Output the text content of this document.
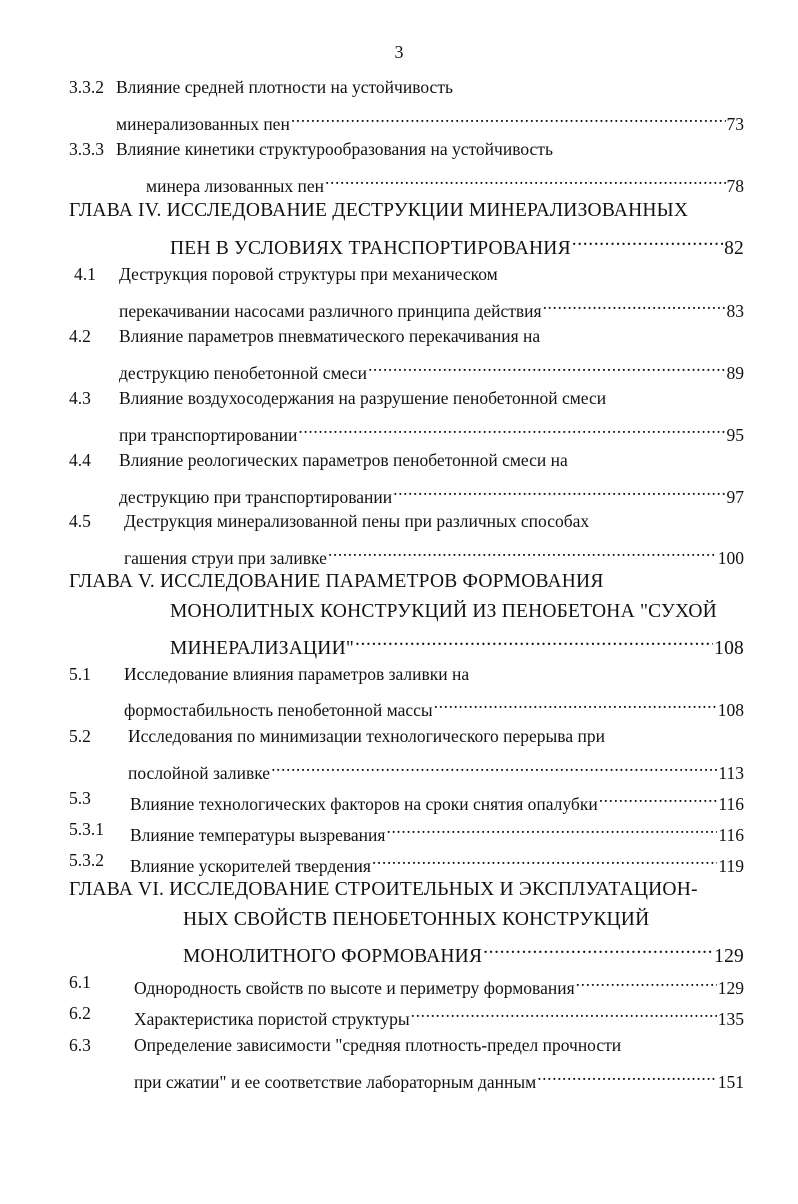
3
3.3.2 Влияние средней плотности на устойчивость
минерализованных пен .....	73
3.3.3 Влияние кинетики структурообразования на устойчивость
минера лизованных пен .....	78
ГЛАВА IV. ИССЛЕДОВАНИЕ ДЕСТРУКЦИИ МИНЕРАЛИЗОВАННЫХ
ПЕН В УСЛОВИЯХ ТРАНСПОРТИРОВАНИЯ .....	82
4.1 Деструкция поровой структуры при механическом
перекачивании насосами различного принципа действия .....	83
4.2 Влияние параметров пневматического перекачивания на
деструкцию пенобетонной смеси .....	89
4.3 Влияние воздухосодержания на разрушение пенобетонной смеси
при транспортировании .....	95
4.4 Влияние реологических параметров пенобетонной смеси на
деструкцию при транспортировании .....	97
4.5 Деструкция минерализованной пены при различных способах
гашения струи при заливке .....	100
ГЛАВА V. ИССЛЕДОВАНИЕ ПАРАМЕТРОВ ФОРМОВАНИЯ
МОНОЛИТНЫХ КОНСТРУКЦИЙ ИЗ ПЕНОБЕТОНА "СУХОЙ
МИНЕРАЛИЗАЦИИ" .....	108
5.1 Исследование влияния параметров заливки на
формостабильность пенобетонной массы .....	108
5.2 Исследования по минимизации технологического перерыва при
послойной заливке .....	113
5.3 Влияние технологических факторов на сроки снятия опалубки .....	116
5.3.1 Влияние температуры вызревания .....	116
5.3.2 Влияние ускорителей твердения .....	119
ГЛАВА VI. ИССЛЕДОВАНИЕ СТРОИТЕЛЬНЫХ И ЭКСПЛУАТАЦИОН-
НЫХ СВОЙСТВ ПЕНОБЕТОННЫХ КОНСТРУКЦИЙ
МОНОЛИТНОГО ФОРМОВАНИЯ .....	129
6.1 Однородность свойств по высоте и периметру формования .....	129
6.2 Характеристика пористой структуры .....	135
6.3 Определение зависимости "средняя плотность-предел прочности
при сжатии" и ее соответствие лабораторным данным .....	151
